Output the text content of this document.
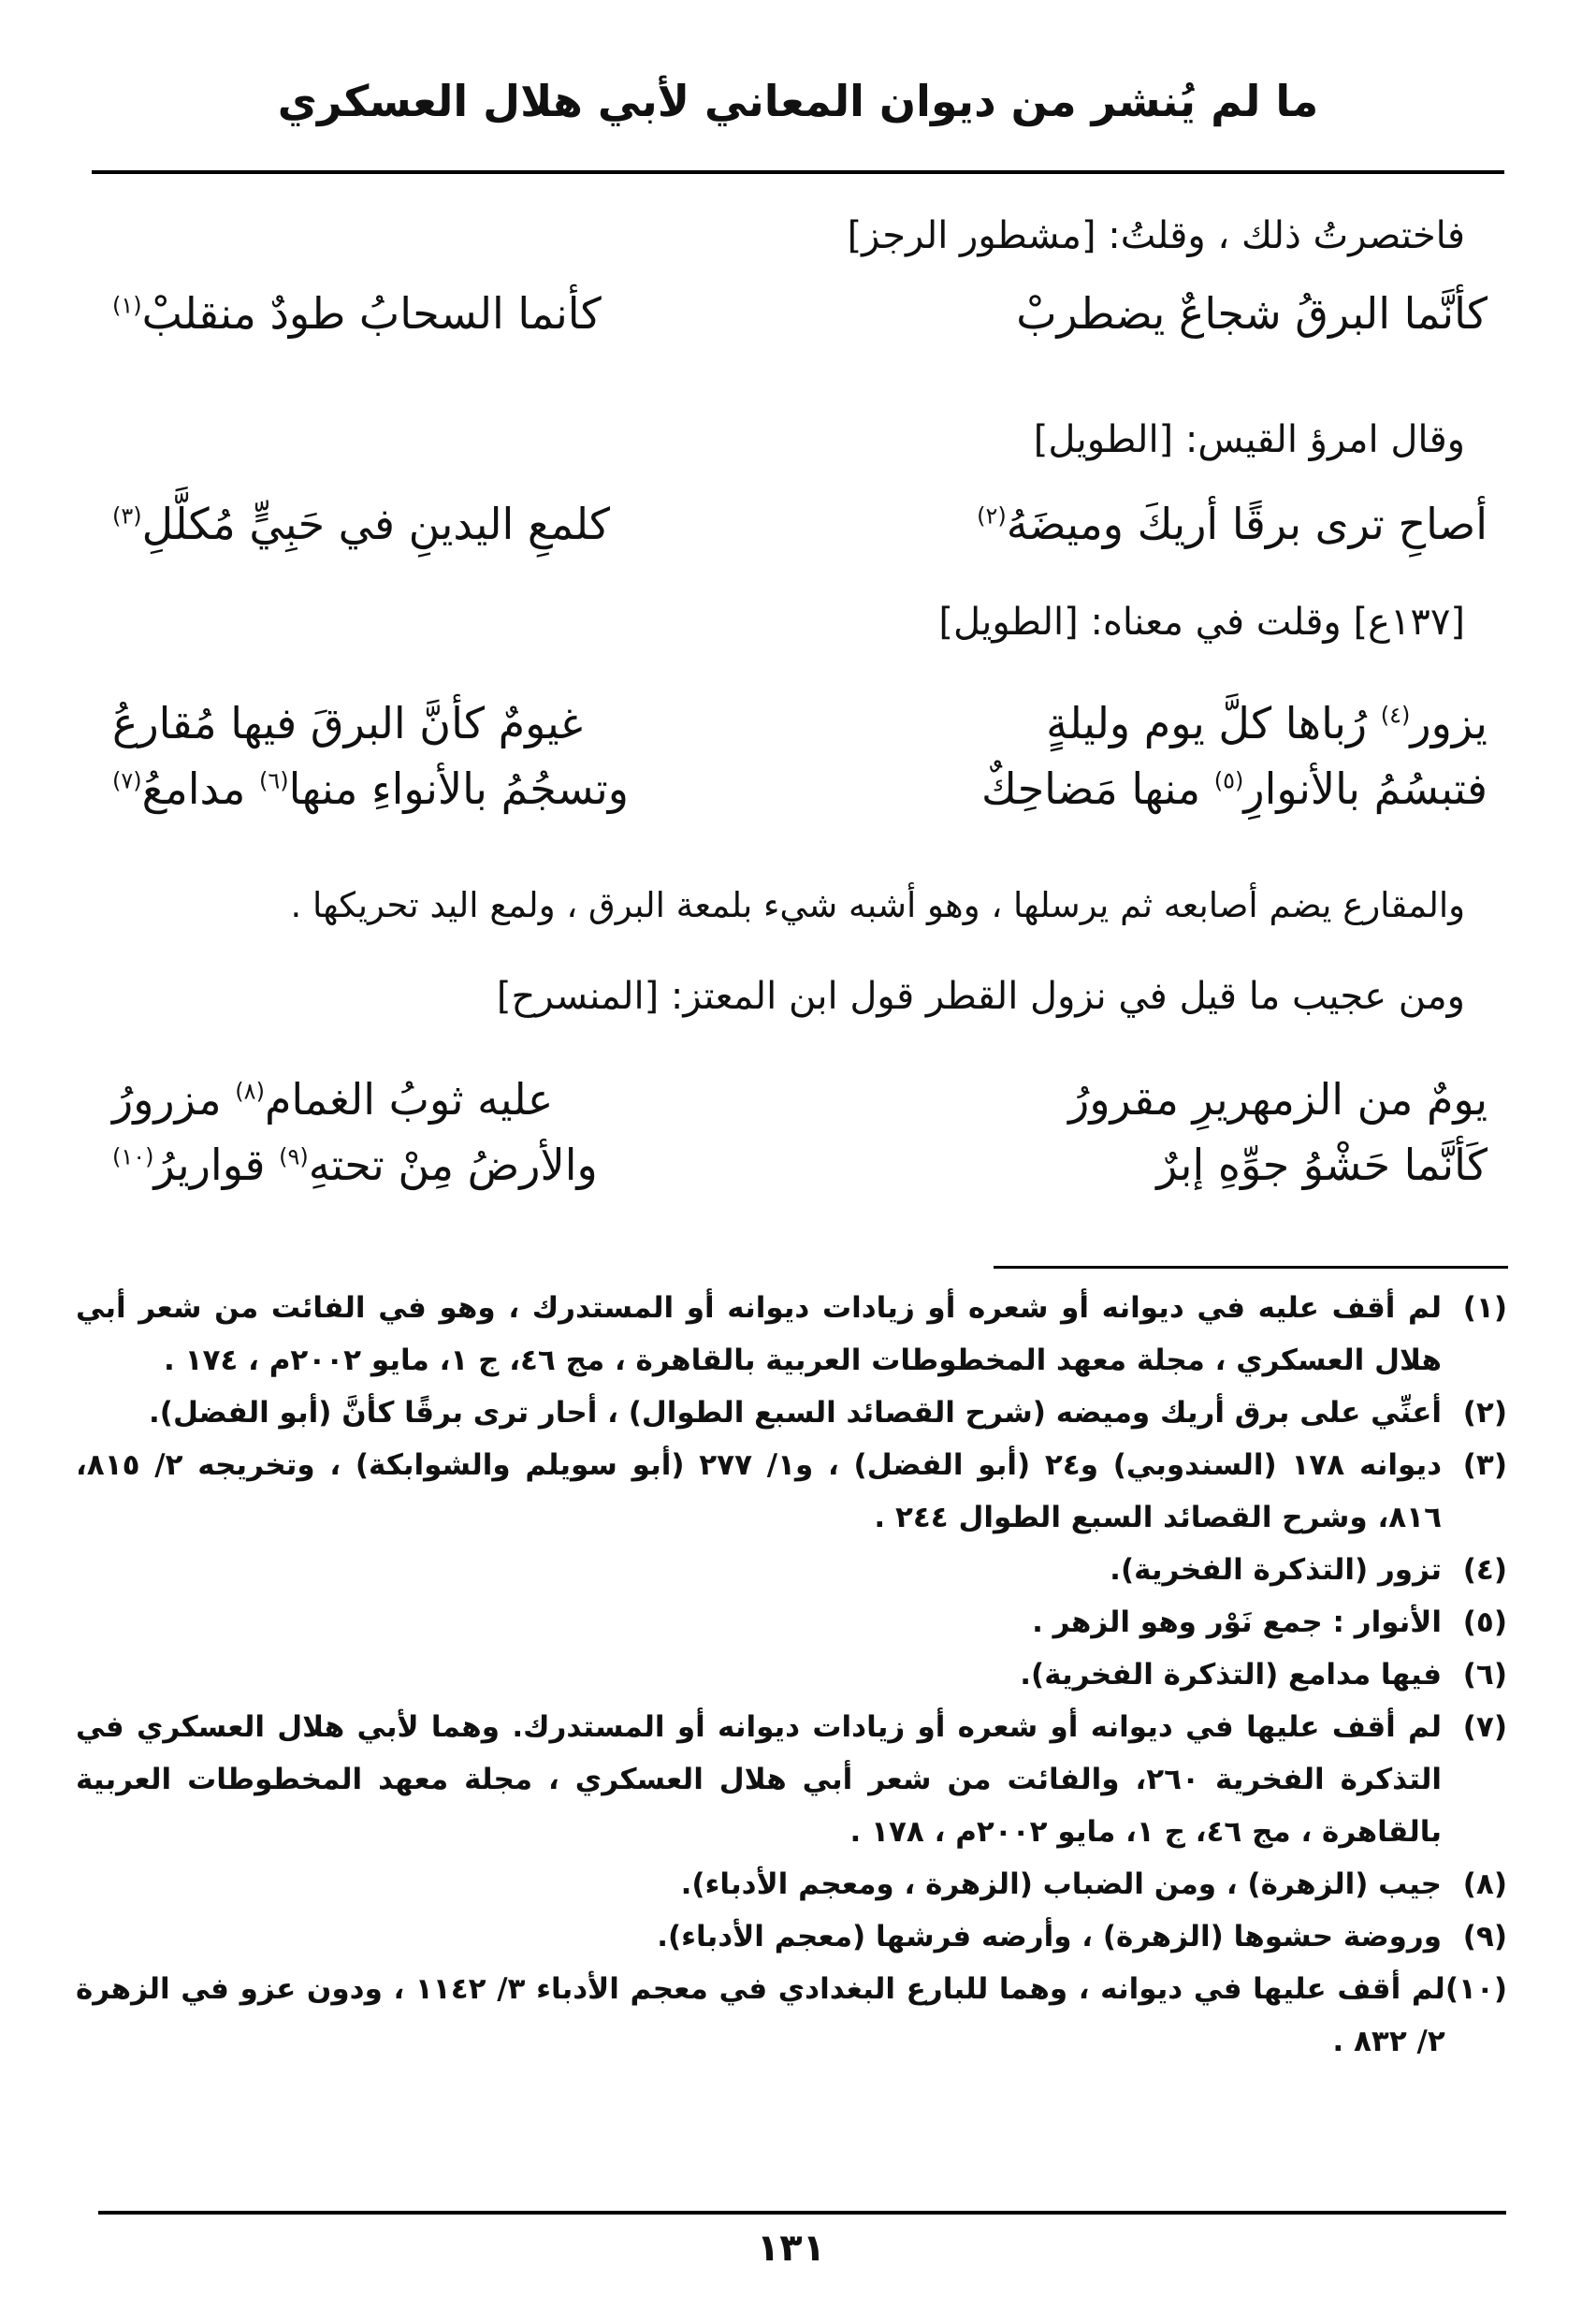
ما لم يُنشر من ديوان المعاني لأبي هلال العسكري
فاختصرتُ ذلك ، وقلتُ: [مشطور الرجز]
كأنَّما البرقُ شجاعٌ يضطربْ
كأنما السحابُ طودٌ منقلبْ$^{(١)}$
وقال امرؤ القيس: [الطويل]
أصاحِ ترى برقًا أريكَ وميضَهُ$^{(٢)}$
كلمعِ اليدينِ في حَبِيٍّ مُكلَّلِ$^{(٣)}$
[١٣٧ع] وقلت في معناه: [الطويل]
يزور$^{(٤)}$ رُباها كلَّ يوم وليلةٍ
غيومٌ كأنَّ البرقَ فيها مُقارعُ
فتبسُمُ بالأنوارِ$^{(٥)}$ منها مَضاحِكٌ
وتسجُمُ بالأنواءِ منها$^{(٦)}$ مدامعُ$^{(٧)}$
والمقارع يضم أصابعه ثم يرسلها ، وهو أشبه شيء بلمعة البرق ، ولمع اليد تحريكها .
ومن عجيب ما قيل في نزول القطر قول ابن المعتز: [المنسرح]
يومٌ من الزمهريرِ مقرورُ
عليه ثوبُ الغمام$^{(٨)}$ مزرورُ
كَأنَّما حَشْوُ جوِّهِ إبرٌ
والأرضُ مِنْ تحتهِ$^{(٩)}$ قواريرُ$^{(١٠)}$
(١)
لم أقف عليه في ديوانه أو شعره أو زيادات ديوانه أو المستدرك ، وهو في الفائت من شعر أبي هلال العسكري ، مجلة معهد المخطوطات العربية بالقاهرة ، مج ٤٦، ج ١، مايو ٢٠٠٢م ، ١٧٤ .
(٢)
أعنِّي على برق أريك وميضه (شرح القصائد السبع الطوال) ، أحار ترى برقًا كأنَّ (أبو الفضل).
(٣)
ديوانه ١٧٨ (السندوبي) و٢٤ (أبو الفضل) ، و١/ ٢٧٧ (أبو سويلم والشوابكة) ، وتخريجه ٢/ ٨١٥، ٨١٦، وشرح القصائد السبع الطوال ٢٤٤ .
(٤)
تزور (التذكرة الفخرية).
(٥)
الأنوار : جمع نَوْر وهو الزهر .
(٦)
فيها مدامع (التذكرة الفخرية).
(٧)
لم أقف عليها في ديوانه أو شعره أو زيادات ديوانه أو المستدرك. وهما لأبي هلال العسكري في التذكرة الفخرية ٢٦٠، والفائت من شعر أبي هلال العسكري ، مجلة معهد المخطوطات العربية بالقاهرة ، مج ٤٦، ج ١، مايو ٢٠٠٢م ، ١٧٨ .
(٨)
جيب (الزهرة) ، ومن الضباب (الزهرة ، ومعجم الأدباء).
(٩)
وروضة حشوها (الزهرة) ، وأرضه فرشها (معجم الأدباء).
(١٠)
لم أقف عليها في ديوانه ، وهما للبارع البغدادي في معجم الأدباء ٣/ ١١٤٢ ، ودون عزو في الزهرة ٢/ ٨٣٢ .
١٣١
